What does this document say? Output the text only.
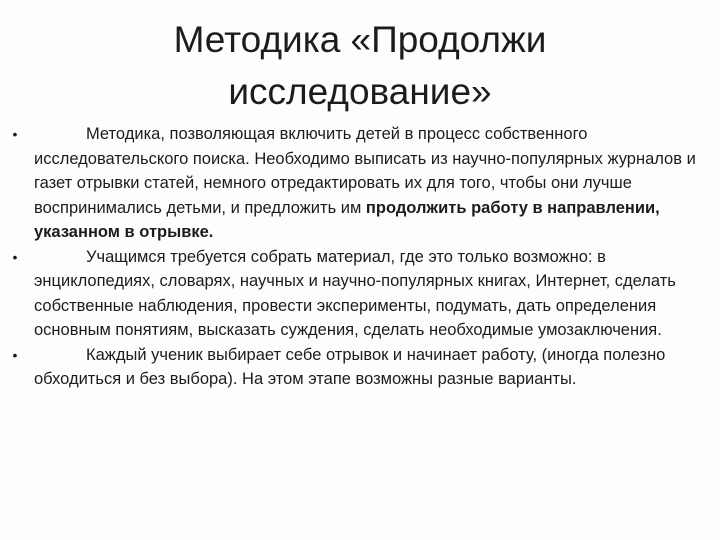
Методика «Продолжи
исследование»
•	Методика, позволяющая включить детей в процесс собственного исследовательского поиска. Необходимо выписать из научно-популярных журналов и газет отрывки статей, немного отредактировать их для того, чтобы они лучше воспринимались детьми, и предложить им продолжить работу в направлении, указанном в отрывке.
•	Учащимся требуется собрать материал, где это только возможно: в энциклопедиях, словарях, научных и научно-популярных книгах, Интернет, сделать собственные наблюдения, провести эксперименты, подумать, дать определения основным понятиям, высказать суждения, сделать необходимые умозаключения.
•	Каждый ученик выбирает себе отрывок и начинает работу, (иногда полезно обходиться и без выбора). На этом этапе возможны разные варианты.
